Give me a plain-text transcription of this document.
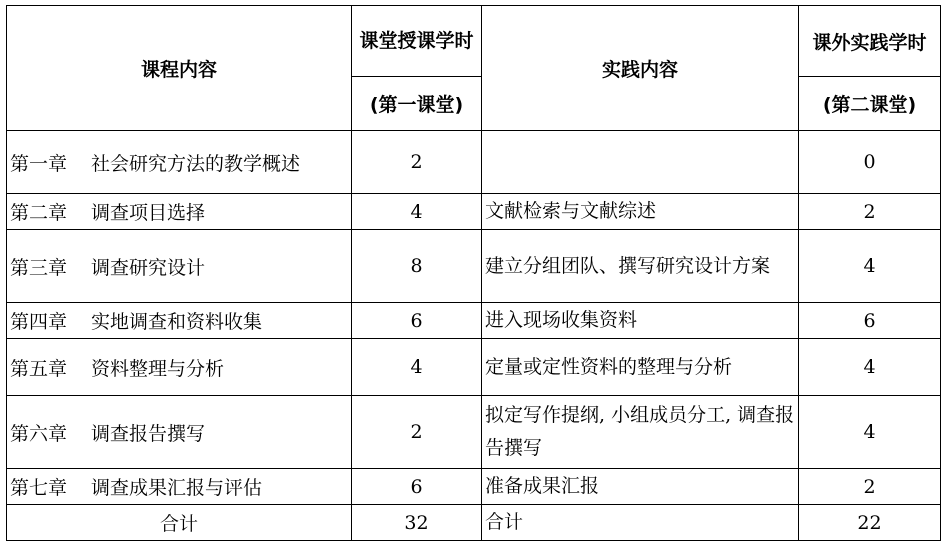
课程内容	课堂授课学时	实践内容	课外实践学时
	(第一课堂)		(第二课堂)
第一章 社会研究方法的教学概述	2		0
第二章 调查项目选择	4	文献检索与文献综述	2
第三章 调查研究设计	8	建立分组团队、撰写研究设计方案	4
第四章 实地调查和资料收集	6	进入现场收集资料	6
第五章 资料整理与分析	4	定量或定性资料的整理与分析	4
第六章 调查报告撰写	2	拟定写作提纲, 小组成员分工, 调查报告撰写	4
第七章 调查成果汇报与评估	6	准备成果汇报	2
合计	32	合计	22
